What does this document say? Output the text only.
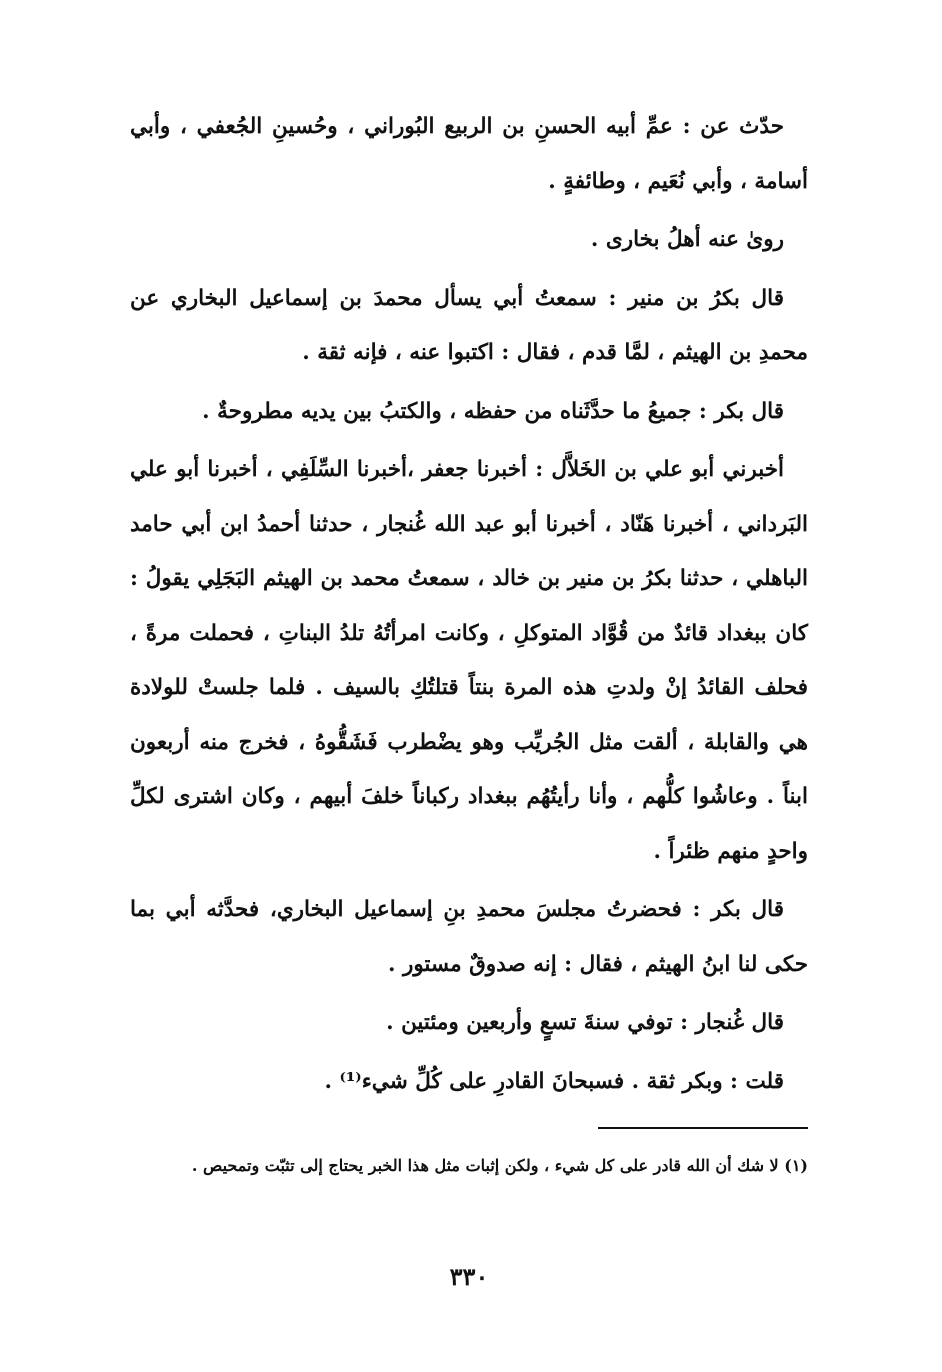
حدّث عن : عمِّ أبيه الحسنِ بن الربيع البُوراني ، وحُسينِ الجُعفي ، وأبي أسامة ، وأبي نُعَيم ، وطائفةٍ .

روىٰ عنه أهلُ بخارى .

قال بكرُ بن منير : سمعتُ أبي يسأل محمدَ بن إسماعيل البخاري عن محمدِ بن الهيثم ، لمَّا قدم ، فقال : اكتبوا عنه ، فإنه ثقة .

قال بكر : جميعُ ما حدَّثَناه من حفظه ، والكتبُ بين يديه مطروحةٌ .

أخبرني أبو علي بن الخَلاَّل : أخبرنا جعفر ،أخبرنا السِّلَفِي ، أخبرنا أبو علي البَرداني ، أخبرنا هَنّاد ، أخبرنا أبو عبد الله غُنجار ، حدثنا أحمدُ ابن أبي حامد الباهلي ، حدثنا بكرُ بن منير بن خالد ، سمعتُ محمد بن الهيثم البَجَلِي يقولُ : كان ببغداد قائدٌ من قُوَّاد المتوكلِ ، وكانت امرأتُهُ تلدُ البناتِ ، فحملت مرةً ، فحلف القائدُ إنْ ولدتِ هذه المرة بنتاً قتلتُكِ بالسيف . فلما جلستْ للولادة هي والقابلة ، ألقت مثل الجُريِّب وهو يضْطرب فَشَقُّوهُ ، فخرج منه أربعون ابناً . وعاشُوا كلُّهم ، وأنا رأيتُهُم ببغداد ركباناً خلفَ أبيهم ، وكان اشترى لكلِّ واحدٍ منهم ظئراً .

قال بكر : فحضرتُ مجلسَ محمدِ بنِ إسماعيل البخاري، فحدَّثه أبي بما حكى لنا ابنُ الهيثم ، فقال : إنه صدوقٌ مستور .

قال غُنجار : توفي سنةَ تسعٍ وأربعين ومئتين .

قلت : وبكر ثقة . فسبحانَ القادرِ على كُلِّ شيء⁽¹⁾ .

(١) لا شك أن الله قادر على كل شيء ، ولكن إثبات مثل هذا الخبر يحتاج إلى تثبّت وتمحيص .
٣٣٠
